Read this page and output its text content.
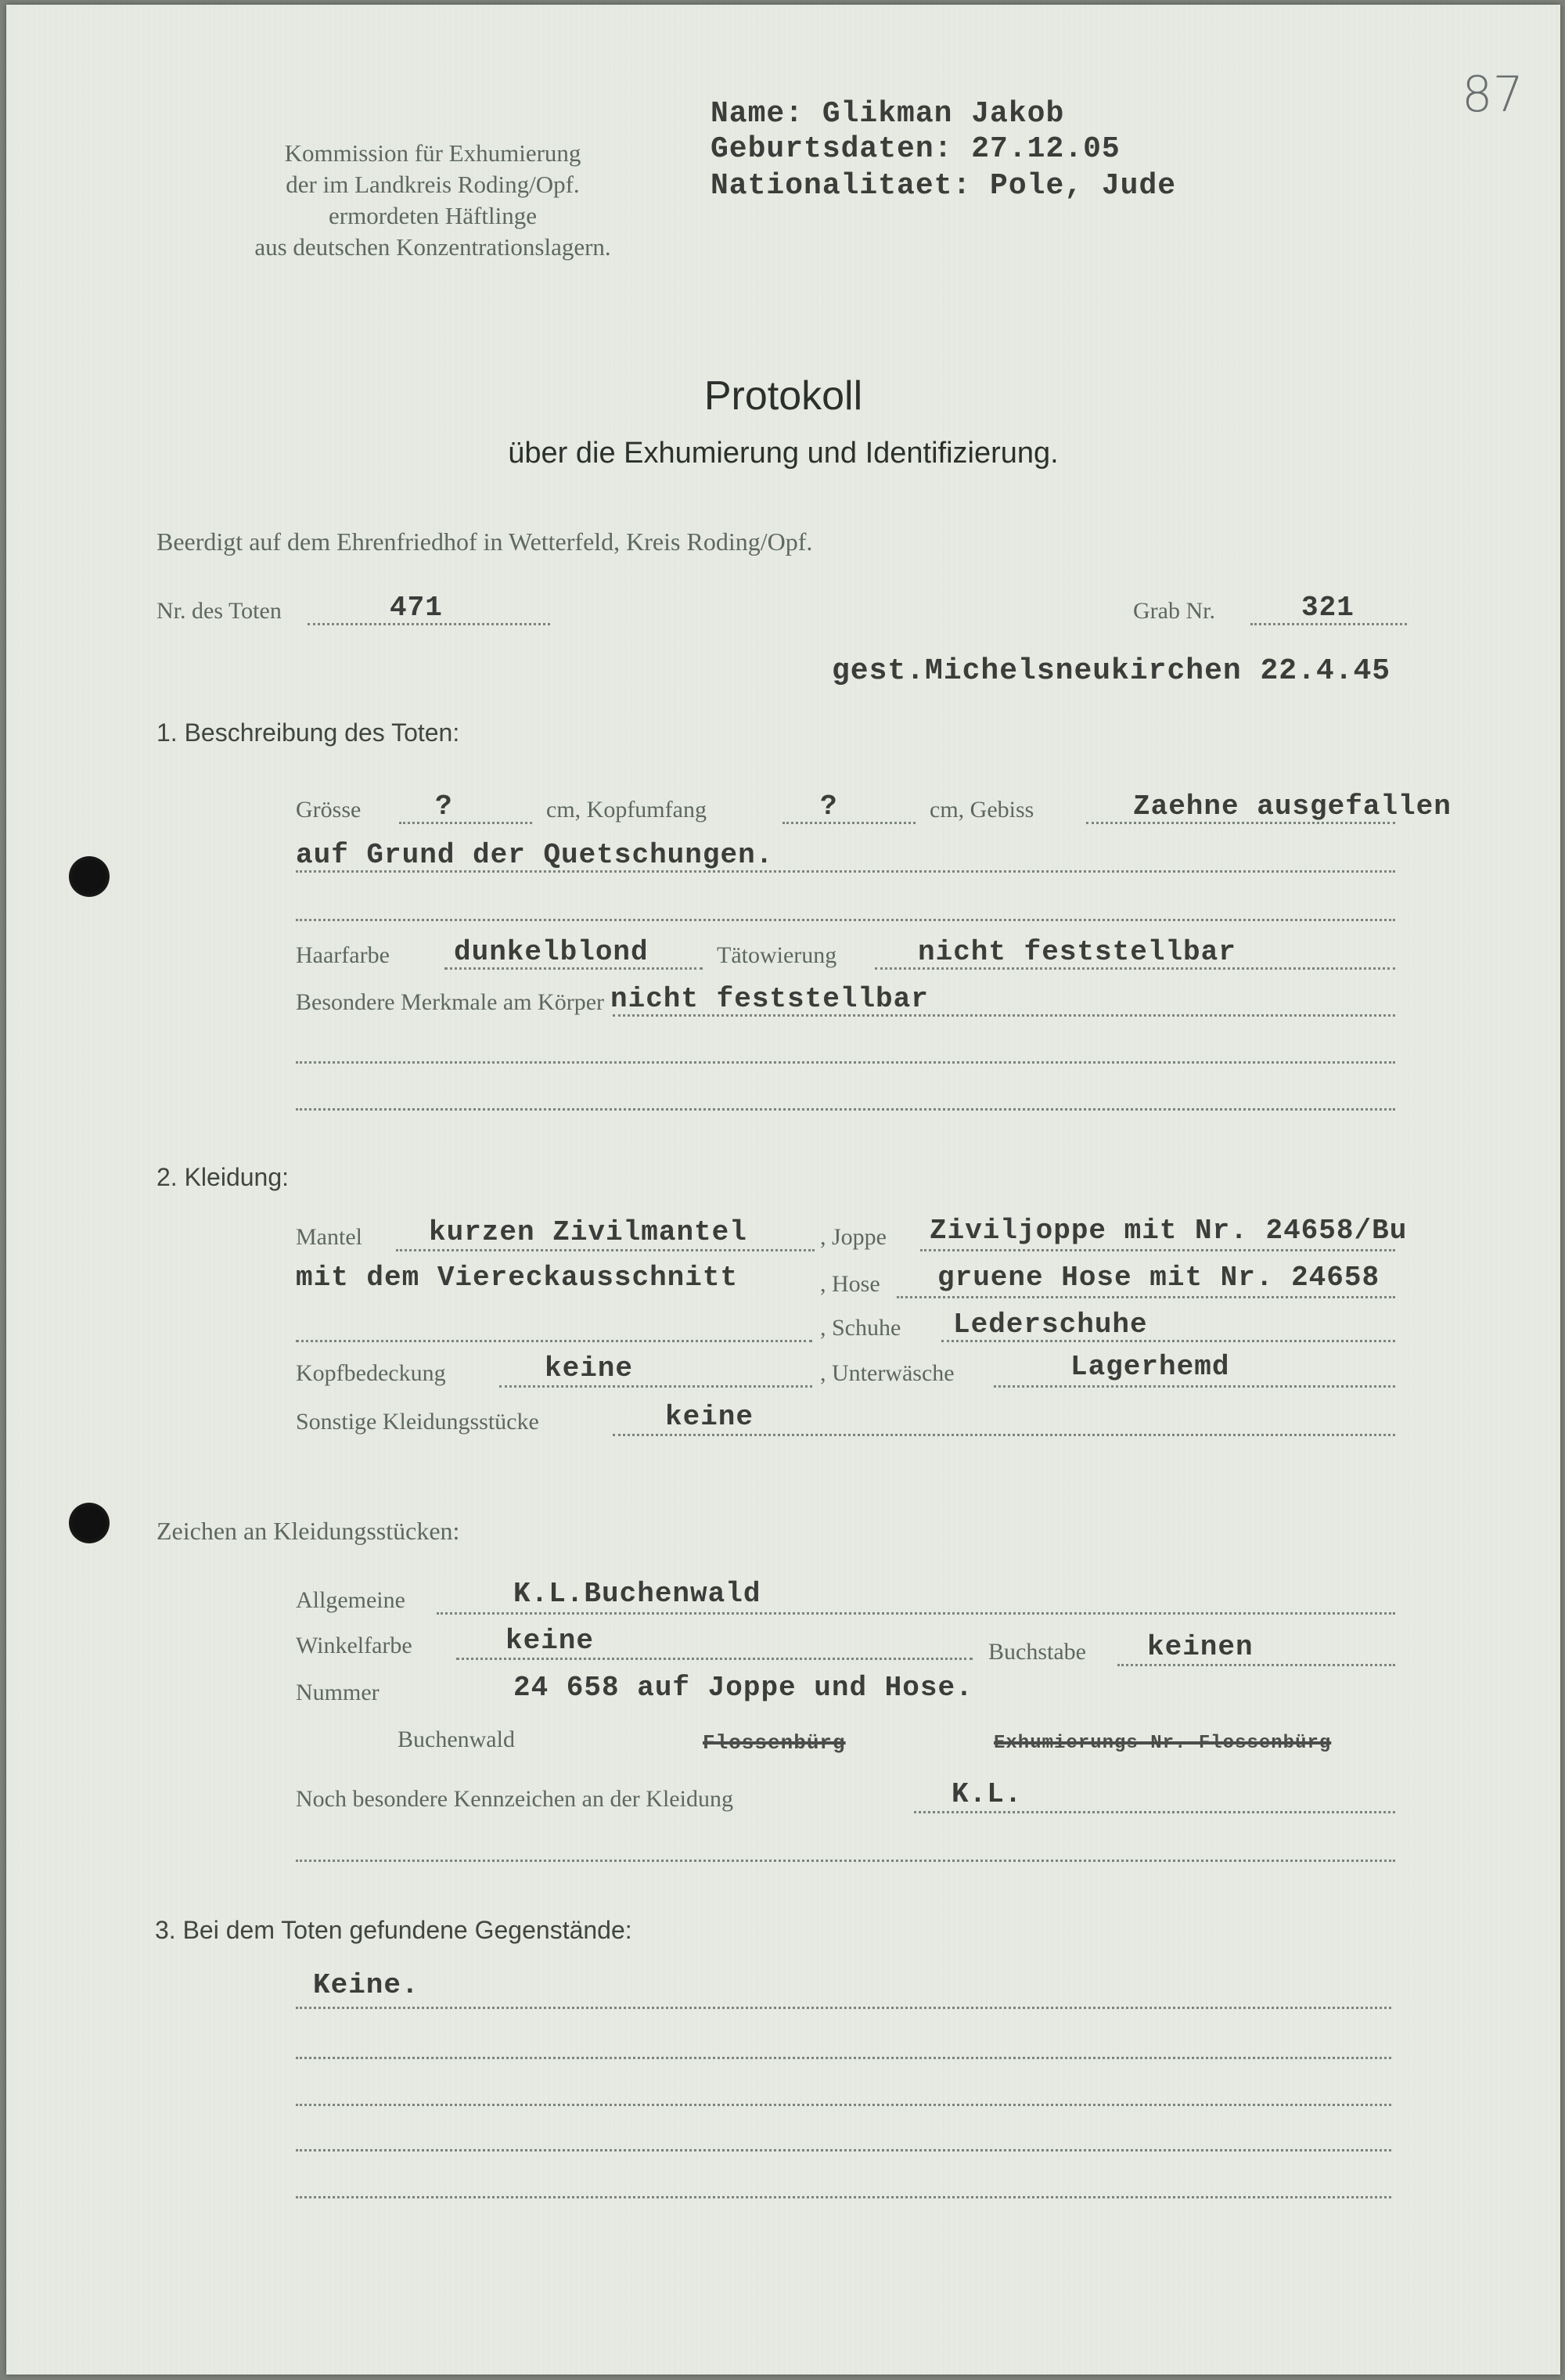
87
Kommission für Exhumierung
der im Landkreis Roding/Opf.
ermordeten Häftlinge
aus deutschen Konzentrationslagern.
Name: Glikman Jakob
Geburtsdaten: 27.12.05
Nationalitaet: Pole, Jude
Protokoll
über die Exhumierung und Identifizierung.
Beerdigt auf dem Ehrenfriedhof in Wetterfeld, Kreis Roding/Opf.
Nr. des Toten	471	Grab Nr.	321
gest.Michelsneukirchen 22.4.45
1. Beschreibung des Toten:
Grösse	?	cm, Kopfumfang	?	cm, Gebiss	Zaehne ausgefallen
auf Grund der Quetschungen.
Haarfarbe dunkelblond	Tätowierung	nicht feststellbar
Besondere Merkmale am Körper nicht feststellbar
2. Kleidung:
Mantel kurzen Zivilmantel	, Joppe Ziviljoppe mit Nr. 24658/Bu
mit dem Viereckausschnitt	, Hose gruene Hose mit Nr. 24658
, Schuhe Lederschuhe
Kopfbedeckung	keine	, Unterwäsche	Lagerhemd
Sonstige Kleidungsstücke	keine
Zeichen an Kleidungsstücken:
Allgemeine	K.L.Buchenwald
Winkelfarbe	keine	Buchstabe keinen
Nummer	24 658 auf Joppe und Hose.
Buchenwald	Flossenbürg	Exhumierungs-Nr. Flossenbürg
Noch besondere Kennzeichen an der Kleidung	K.L.
3. Bei dem Toten gefundene Gegenstände:
Keine.
